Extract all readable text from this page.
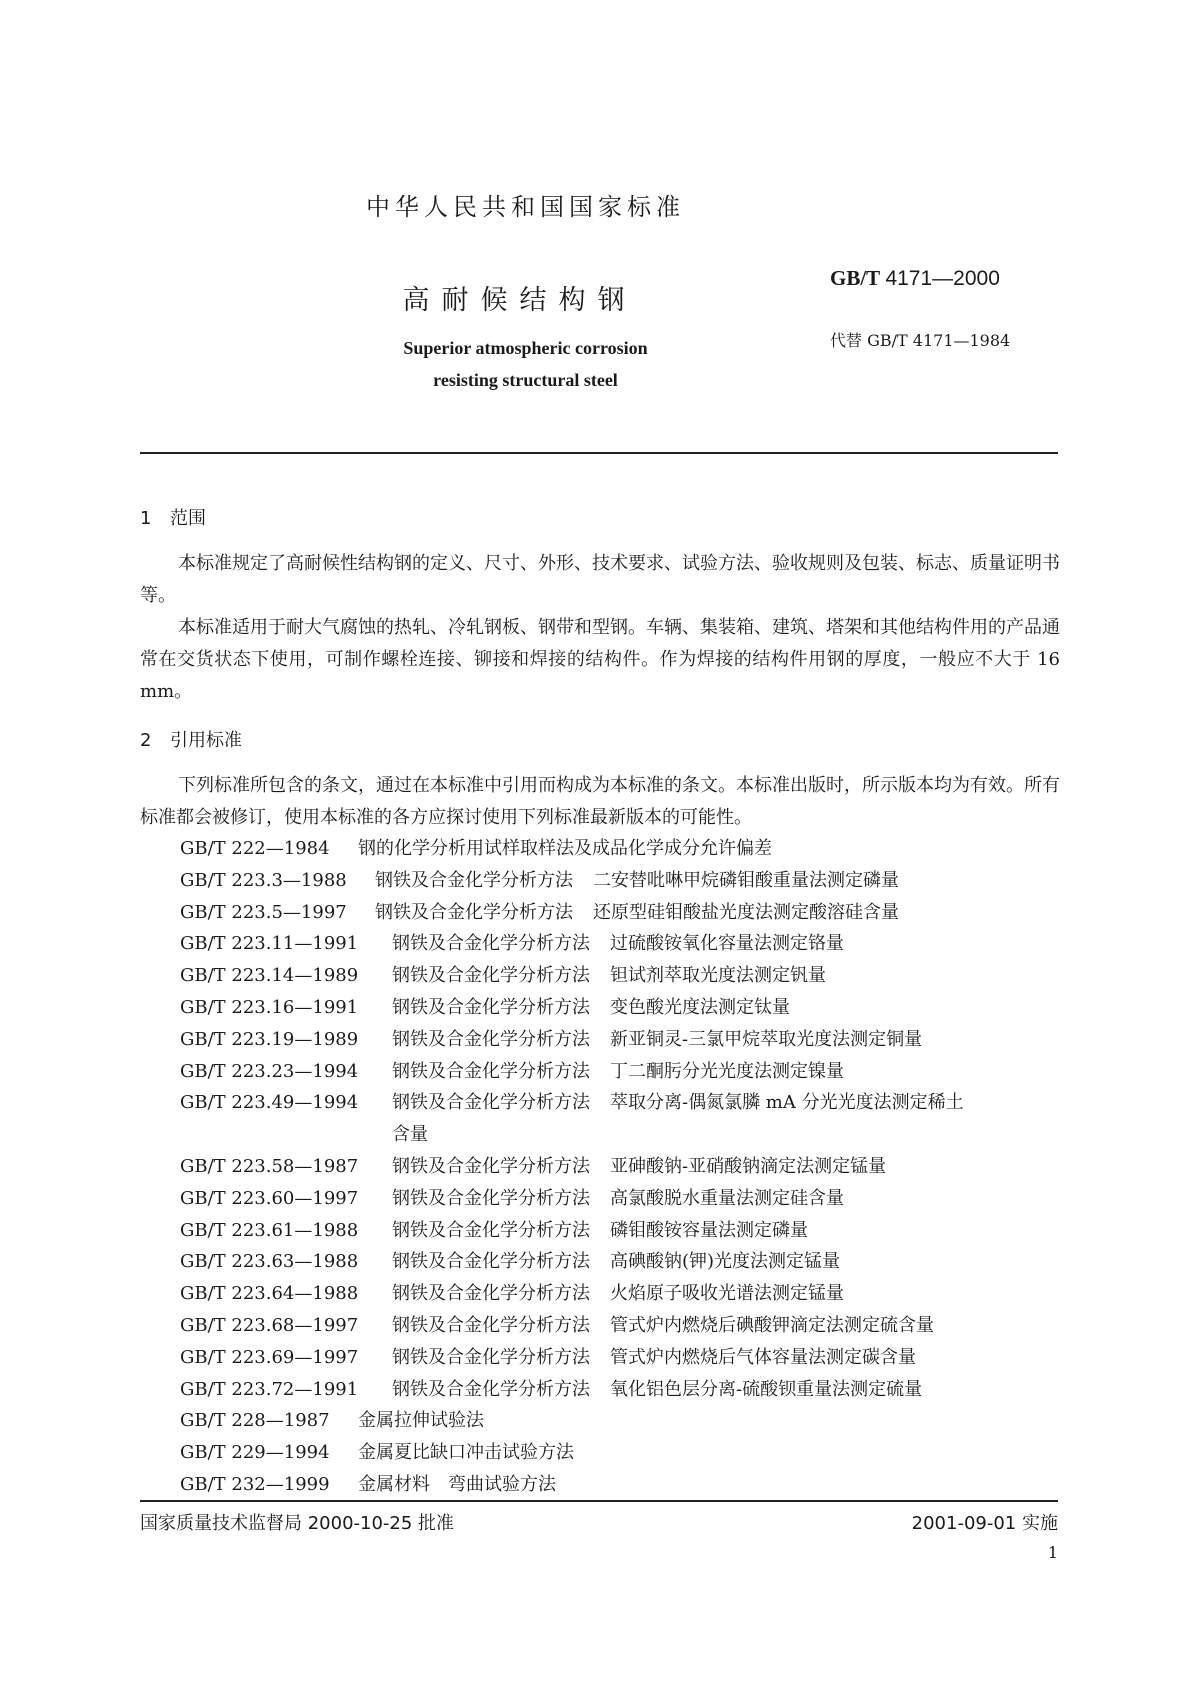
中华人民共和国国家标准
高耐候结构钢
Superior atmospheric corrosion
resisting structural steel
GB/T 4171—2000
代替 GB/T 4171—1984
1 范围
本标准规定了高耐候性结构钢的定义、尺寸、外形、技术要求、试验方法、验收规则及包装、标志、质量证明书等。
本标准适用于耐大气腐蚀的热轧、冷轧钢板、钢带和型钢。车辆、集装箱、建筑、塔架和其他结构件用的产品通常在交货状态下使用，可制作螺栓连接、铆接和焊接的结构件。作为焊接的结构件用钢的厚度，一般应不大于 16 mm。
2 引用标准
下列标准所包含的条文，通过在本标准中引用而构成为本标准的条文。本标准出版时，所示版本均为有效。所有标准都会被修订，使用本标准的各方应探讨使用下列标准最新版本的可能性。
GB/T 222—1984	钢的化学分析用试样取样法及成品化学成分允许偏差
GB/T 223.3—1988	钢铁及合金化学分析方法	二安替吡啉甲烷磷钼酸重量法测定磷量
GB/T 223.5—1997	钢铁及合金化学分析方法	还原型硅钼酸盐光度法测定酸溶硅含量
GB/T 223.11—1991	钢铁及合金化学分析方法	过硫酸铵氧化容量法测定铬量
GB/T 223.14—1989	钢铁及合金化学分析方法	钽试剂萃取光度法测定钒量
GB/T 223.16—1991	钢铁及合金化学分析方法	变色酸光度法测定钛量
GB/T 223.19—1989	钢铁及合金化学分析方法	新亚铜灵-三氯甲烷萃取光度法测定铜量
GB/T 223.23—1994	钢铁及合金化学分析方法	丁二酮肟分光光度法测定镍量
GB/T 223.49—1994	钢铁及合金化学分析方法	萃取分离-偶氮氯膦 mA 分光光度法测定稀土
含量
GB/T 223.58—1987	钢铁及合金化学分析方法	亚砷酸钠-亚硝酸钠滴定法测定锰量
GB/T 223.60—1997	钢铁及合金化学分析方法	高氯酸脱水重量法测定硅含量
GB/T 223.61—1988	钢铁及合金化学分析方法	磷钼酸铵容量法测定磷量
GB/T 223.63—1988	钢铁及合金化学分析方法	高碘酸钠(钾)光度法测定锰量
GB/T 223.64—1988	钢铁及合金化学分析方法	火焰原子吸收光谱法测定锰量
GB/T 223.68—1997	钢铁及合金化学分析方法	管式炉内燃烧后碘酸钾滴定法测定硫含量
GB/T 223.69—1997	钢铁及合金化学分析方法	管式炉内燃烧后气体容量法测定碳含量
GB/T 223.72—1991	钢铁及合金化学分析方法	氧化铝色层分离-硫酸钡重量法测定硫量
GB/T 228—1987	金属拉伸试验法
GB/T 229—1994	金属夏比缺口冲击试验方法
GB/T 232—1999	金属材料　弯曲试验方法
国家质量技术监督局 2000-10-25 批准	2001-09-01 实施
1
